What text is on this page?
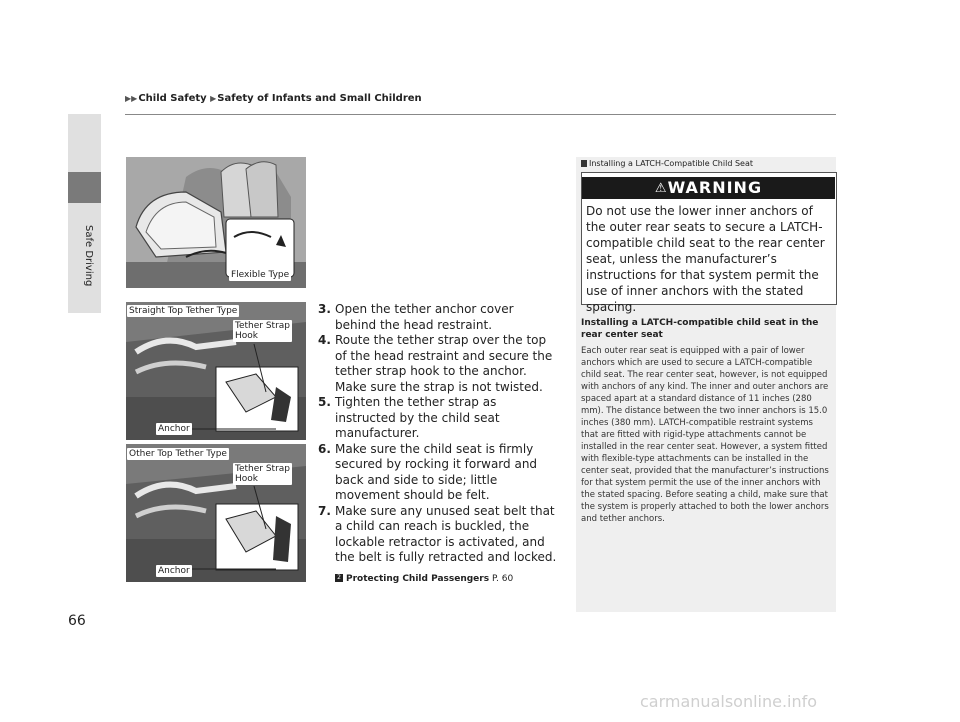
▶▶Child Safety ▶Safety of Infants and Small Children
Safe Driving	Flexible Type
Straight Top Tether Type
Tether Strap
Hook
Anchor
Other Top Tether Type
Tether Strap
Hook
Anchor
3. Open the tether anchor cover behind the head restraint.
4. Route the tether strap over the top of the head restraint and secure the tether strap hook to the anchor. Make sure the strap is not twisted.
5. Tighten the tether strap as instructed by the child seat manufacturer.
6. Make sure the child seat is firmly secured by rocking it forward and back and side to side; little movement should be felt.
7. Make sure any unused seat belt that a child can reach is buckled, the lockable retractor is activated, and the belt is fully retracted and locked.
2 Protecting Child Passengers P. 60
Installing a LATCH-Compatible Child Seat
⚠WARNING
Do not use the lower inner anchors of the outer rear seats to secure a LATCH-compatible child seat to the rear center seat, unless the manufacturer’s instructions for that system permit the use of inner anchors with the stated spacing.
Installing a LATCH-compatible child seat in the rear center seat
Each outer rear seat is equipped with a pair of lower anchors which are used to secure a LATCH-compatible child seat. The rear center seat, however, is not equipped with anchors of any kind. The inner and outer anchors are spaced apart at a standard distance of 11 inches (280 mm). The distance between the two inner anchors is 15.0 inches (380 mm). LATCH-compatible restraint systems that are fitted with rigid-type attachments cannot be installed in the rear center seat. However, a system fitted with flexible-type attachments can be installed in the center seat, provided that the manufacturer’s instructions for that system permit the use of the inner anchors with the stated spacing. Before seating a child, make sure that the system is properly attached to both the lower anchors and tether anchors.
66
carmanualsonline.info
